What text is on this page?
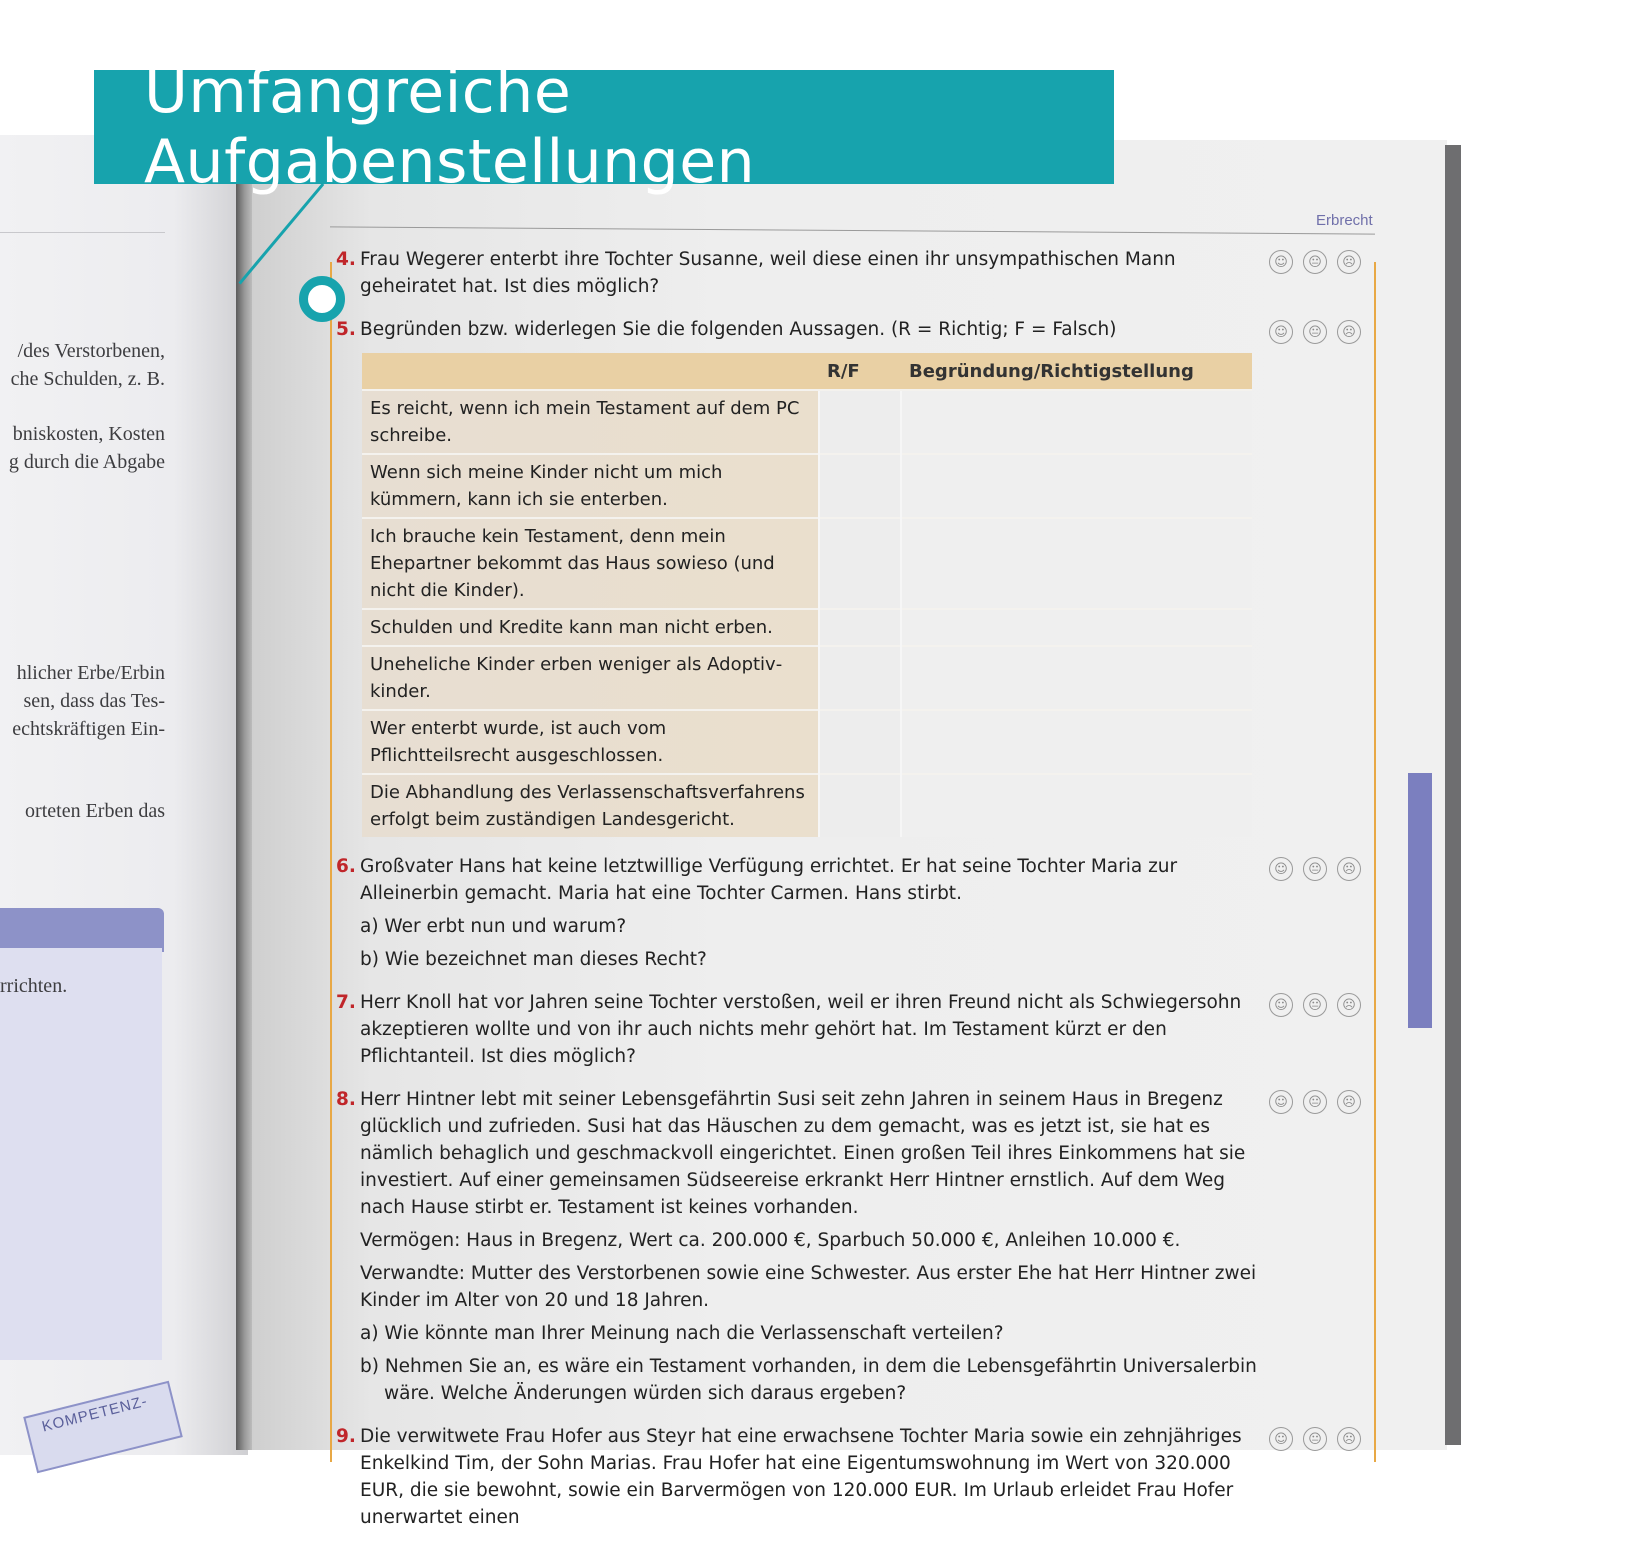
/des Verstorbenen,
che Schulden, z. B.
bniskosten, Kosten
g durch die Abgabe
hlicher Erbe/Erbin
sen, dass das Tes-
echtskräftigen Ein-
orteten Erben das
rrichten.
KOMPETENZ-
Erbrecht
Umfangreiche Aufgabenstellungen
4. Frau Wegerer enterbt ihre Tochter Susanne, weil diese einen ihr unsympathischen Mann geheiratet hat. Ist dies möglich?
☺	😐	☹
5. Begründen bzw. widerlegen Sie die folgenden Aussagen. (R = Richtig; F = Falsch)	☺	😐	☹
	R/F	Begründung/Richtigstellung
Es reicht, wenn ich mein Testament auf dem PC schreibe.		
Wenn sich meine Kinder nicht um mich kümmern, kann ich sie enterben.		
Ich brauche kein Testament, denn mein Ehepartner bekommt das Haus sowieso (und nicht die Kinder).		
Schulden und Kredite kann man nicht erben.		
Uneheliche Kinder erben weniger als Adoptivkinder.		
Wer enterbt wurde, ist auch vom Pflichtteilsrecht ausgeschlossen.		
Die Abhandlung des Verlassenschaftsverfahrens erfolgt beim zuständigen Landesgericht.		
6. Großvater Hans hat keine letztwillige Verfügung errichtet. Er hat seine Tochter Maria zur Alleinerbin gemacht. Maria hat eine Tochter Carmen. Hans stirbt.
a) Wer erbt nun und warum?
b) Wie bezeichnet man dieses Recht?
☺	😐	☹
7. Herr Knoll hat vor Jahren seine Tochter verstoßen, weil er ihren Freund nicht als Schwiegersohn akzeptieren wollte und von ihr auch nichts mehr gehört hat. Im Testament kürzt er den Pflichtanteil. Ist dies möglich?
☺	😐	☹
8. Herr Hintner lebt mit seiner Lebensgefährtin Susi seit zehn Jahren in seinem Haus in Bregenz glücklich und zufrieden. Susi hat das Häuschen zu dem gemacht, was es jetzt ist, sie hat es nämlich behaglich und geschmackvoll eingerichtet. Einen großen Teil ihres Einkommens hat sie investiert. Auf einer gemeinsamen Südseereise erkrankt Herr Hintner ernstlich. Auf dem Weg nach Hause stirbt er. Testament ist keines vorhanden.
Vermögen: Haus in Bregenz, Wert ca. 200.000 €, Sparbuch 50.000 €, Anleihen 10.000 €.
Verwandte: Mutter des Verstorbenen sowie eine Schwester. Aus erster Ehe hat Herr Hintner zwei Kinder im Alter von 20 und 18 Jahren.
a) Wie könnte man Ihrer Meinung nach die Verlassenschaft verteilen?
b) Nehmen Sie an, es wäre ein Testament vorhanden, in dem die Lebensgefährtin Universalerbin wäre. Welche Änderungen würden sich daraus ergeben?
☺	😐	☹
9. Die verwitwete Frau Hofer aus Steyr hat eine erwachsene Tochter Maria sowie ein zehnjähriges Enkelkind Tim, der Sohn Marias. Frau Hofer hat eine Eigentumswohnung im Wert von 320.000 EUR, die sie bewohnt, sowie ein Barvermögen von 120.000 EUR. Im Urlaub erleidet Frau Hofer unerwartet einen
☺	😐	☹
